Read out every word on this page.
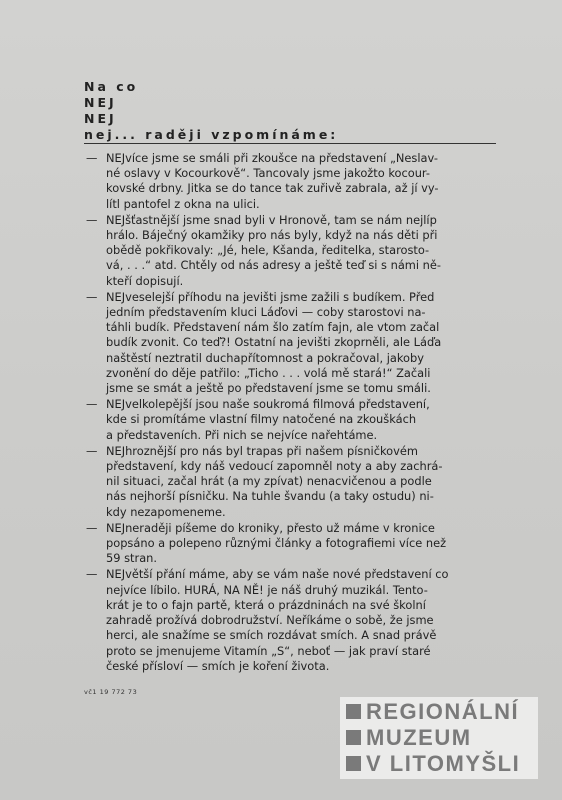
Na co
NEJ
NEJ
nej... raději vzpomínáme:
— NEJvíce jsme se smáli při zkoušce na představení „Neslav-
né oslavy v Kocourkově“. Tancovaly jsme jakožto kocour-
kovské drbny. Jitka se do tance tak zuřivě zabrala, až jí vy-
lítl pantofel z okna na ulici.
— NEJšťastnější jsme snad byli v Hronově, tam se nám nejlíp
hrálo. Báječný okamžiky pro nás byly, když na nás děti při
obědě pokřikovaly: „Jé, hele, Kšanda, ředitelka, starosto-
vá, . . .“ atd. Chtěly od nás adresy a ještě teď si s námi ně-
kteří dopisují.
— NEJveselejší příhodu na jevišti jsme zažili s budíkem. Před
jedním představením kluci Láďovi — coby starostovi na-
táhli budík. Představení nám šlo zatím fajn, ale vtom začal
budík zvonit. Co teď?! Ostatní na jevišti zkoprněli, ale Láďa
naštěstí neztratil duchapřítomnost a pokračoval, jakoby
zvonění do děje patřilo: „Ticho . . . volá mě stará!“ Začali
jsme se smát a ještě po představení jsme se tomu smáli.
— NEJvelkolepější jsou naše soukromá filmová představení,
kde si promítáme vlastní filmy natočené na zkouškách
a představeních. Při nich se nejvíce nařehtáme.
— NEJhroznější pro nás byl trapas při našem písničkovém
představení, kdy náš vedoucí zapomněl noty a aby zachrá-
nil situaci, začal hrát (a my zpívat) nenacvičenou a podle
nás nejhorší písničku. Na tuhle švandu (a taky ostudu) ni-
kdy nezapomeneme.
— NEJneraději píšeme do kroniky, přesto už máme v kronice
popsáno a polepeno různými články a fotografiemi více než
59 stran.
— NEJvětší přání máme, aby se vám naše nové představení co
nejvíce líbilo. HURÁ, NA NĚ! je náš druhý muzikál. Tento-
krát je to o fajn partě, která o prázdninách na své školní
zahradě prožívá dobrodružství. Neříkáme o sobě, že jsme
herci, ale snažíme se smích rozdávat smích. A snad právě
proto se jmenujeme Vitamín „S“, neboť — jak praví staré
české přísloví — smích je koření života.
vč1 19 772 73
REGIONÁLNÍ
MUZEUM
V LITOMYŠLI
